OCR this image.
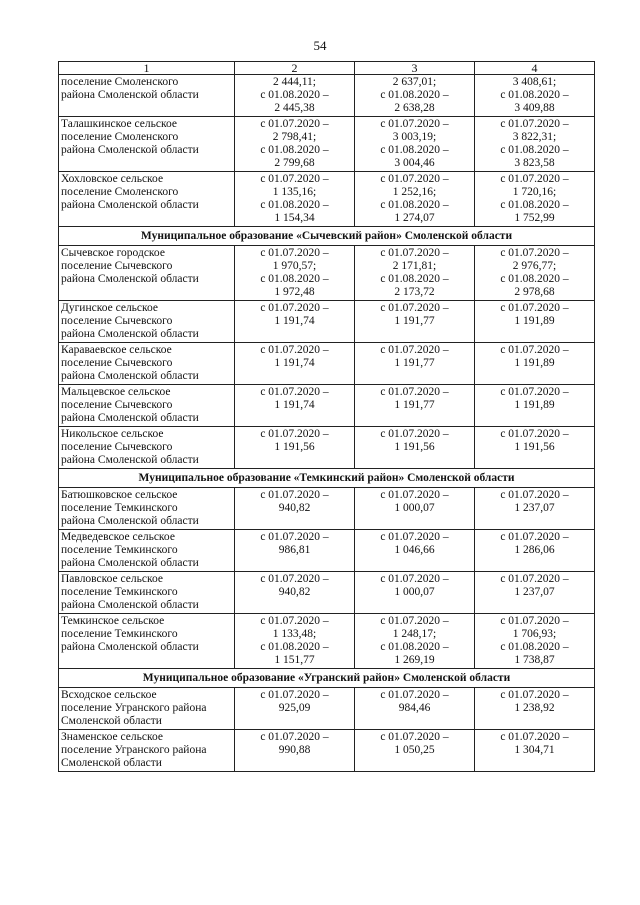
54
1	2	3	4

поселение Смоленского
района Смоленской области	2 444,11;
с 01.08.2020 –
2 445,38	2 637,01;
с 01.08.2020 –
2 638,28	3 408,61;
с 01.08.2020 –
3 409,88

Талашкинское сельское
поселение Смоленского
района Смоленской области	с 01.07.2020 –
2 798,41;
с 01.08.2020 –
2 799,68	с 01.07.2020 –
3 003,19;
с 01.08.2020 –
3 004,46	с 01.07.2020 –
3 822,31;
с 01.08.2020 –
3 823,58

Хохловское сельское
поселение Смоленского
района Смоленской области	с 01.07.2020 –
1 135,16;
с 01.08.2020 –
1 154,34	с 01.07.2020 –
1 252,16;
с 01.08.2020 –
1 274,07	с 01.07.2020 –
1 720,16;
с 01.08.2020 –
1 752,99

Муниципальное образование «Сычевский район» Смоленской области			

Сычевское городское
поселение Сычевского
района Смоленской области	с 01.07.2020 –
1 970,57;
с 01.08.2020 –
1 972,48	с 01.07.2020 –
2 171,81;
с 01.08.2020 –
2 173,72	с 01.07.2020 –
2 976,77;
с 01.08.2020 –
2 978,68

Дугинское сельское
поселение Сычевского
района Смоленской области	с 01.07.2020 –
1 191,74	с 01.07.2020 –
1 191,77	с 01.07.2020 –
1 191,89

Караваевское сельское
поселение Сычевского
района Смоленской области	с 01.07.2020 –
1 191,74	с 01.07.2020 –
1 191,77	с 01.07.2020 –
1 191,89

Мальцевское сельское
поселение Сычевского
района Смоленской области	с 01.07.2020 –
1 191,74	с 01.07.2020 –
1 191,77	с 01.07.2020 –
1 191,89

Никольское сельское
поселение Сычевского
района Смоленской области	с 01.07.2020 –
1 191,56	с 01.07.2020 –
1 191,56	с 01.07.2020 –
1 191,56

Муниципальное образование «Темкинский район» Смоленской области			

Батюшковское сельское
поселение Темкинского
района Смоленской области	с 01.07.2020 –
940,82	с 01.07.2020 –
1 000,07	с 01.07.2020 –
1 237,07

Медведевское сельское
поселение Темкинского
района Смоленской области	с 01.07.2020 –
986,81	с 01.07.2020 –
1 046,66	с 01.07.2020 –
1 286,06

Павловское сельское
поселение Темкинского
района Смоленской области	с 01.07.2020 –
940,82	с 01.07.2020 –
1 000,07	с 01.07.2020 –
1 237,07

Темкинское сельское
поселение Темкинского
района Смоленской области	с 01.07.2020 –
1 133,48;
с 01.08.2020 –
1 151,77	с 01.07.2020 –
1 248,17;
с 01.08.2020 –
1 269,19	с 01.07.2020 –
1 706,93;
с 01.08.2020 –
1 738,87

Муниципальное образование «Угранский район» Смоленской области			

Всходское сельское
поселение Угранского района
Смоленской области	с 01.07.2020 –
925,09	с 01.07.2020 –
984,46	с 01.07.2020 –
1 238,92

Знаменское сельское
поселение Угранского района
Смоленской области	с 01.07.2020 –
990,88	с 01.07.2020 –
1 050,25	с 01.07.2020 –
1 304,71
